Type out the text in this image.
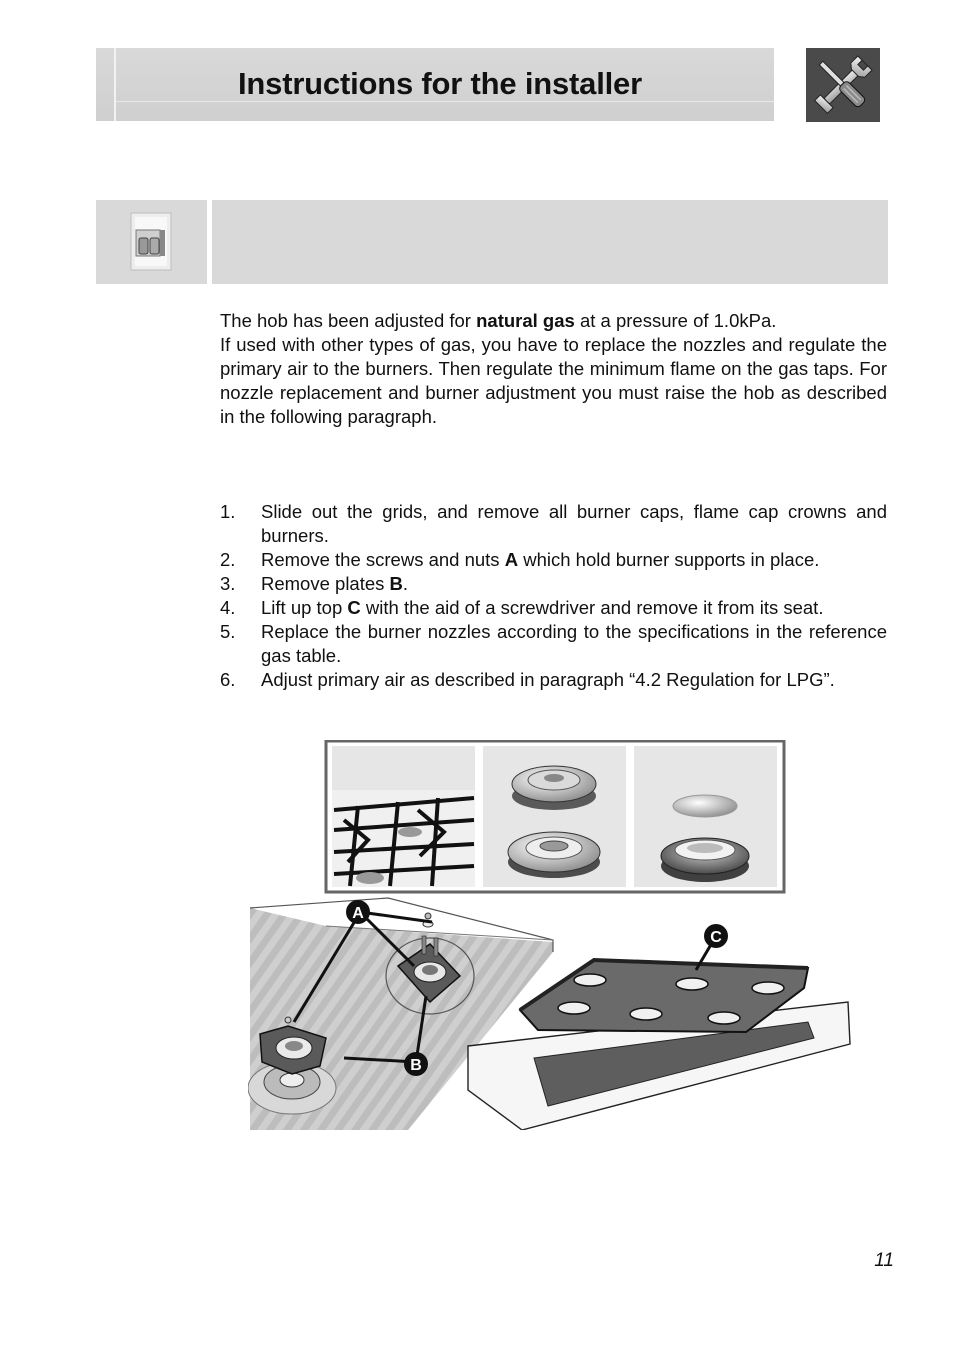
Instructions for the installer

The hob has been adjusted for natural gas at a pressure of 1.0kPa.

If used with other types of gas, you have to replace the nozzles and regulate the primary air to the burners. Then regulate the minimum flame on the gas taps. For nozzle replacement and burner adjustment you must raise the hob as described in the following paragraph.

1. Slide out the grids, and remove all burner caps, flame cap crowns and burners.
2. Remove the screws and nuts A which hold burner supports in place.
3. Remove plates B.
4. Lift up top C with the aid of a screwdriver and remove it from its seat.
5. Replace the burner nozzles according to the specifications in the reference gas table.
6. Adjust primary air as described in paragraph “4.2 Regulation for LPG”.
A
B
C
11
